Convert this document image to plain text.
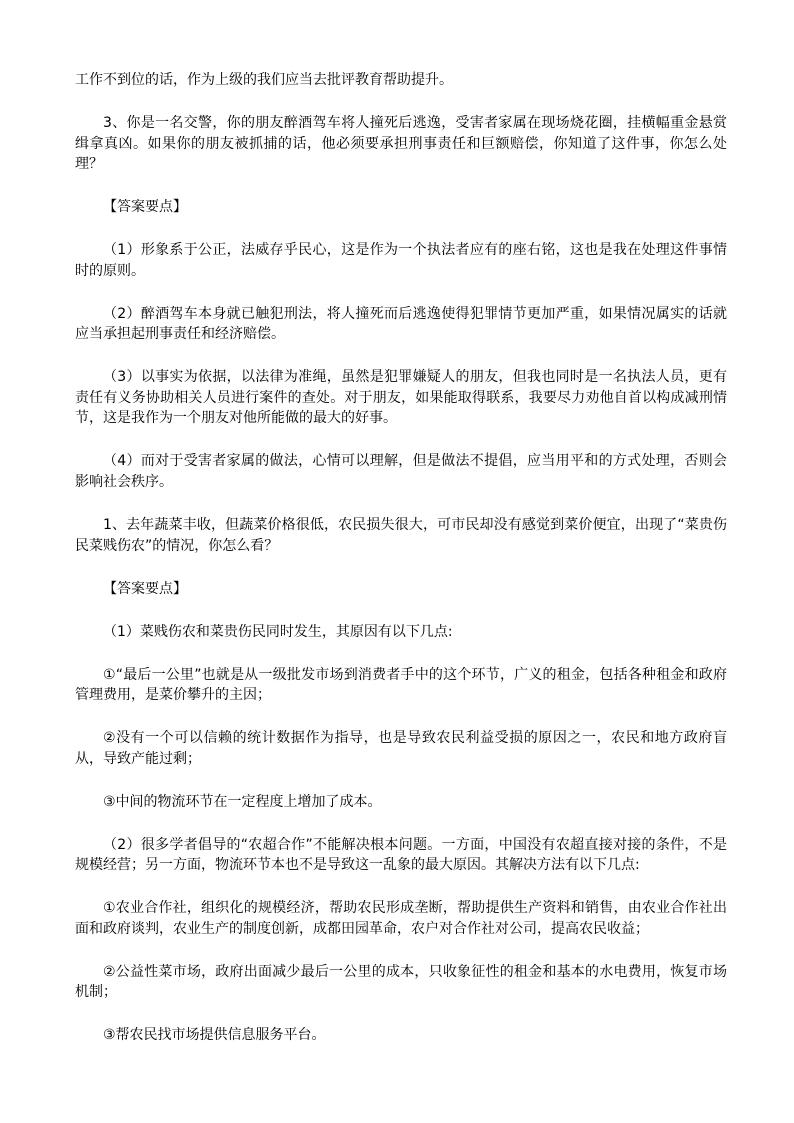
工作不到位的话，作为上级的我们应当去批评教育帮助提升。

3、你是一名交警，你的朋友醉酒驾车将人撞死后逃逸，受害者家属在现场烧花圈，挂横幅重金悬赏缉拿真凶。如果你的朋友被抓捕的话，他必须要承担刑事责任和巨额赔偿，你知道了这件事，你怎么处理？

【答案要点】

（1）形象系于公正，法威存乎民心，这是作为一个执法者应有的座右铭，这也是我在处理这件事情时的原则。

（2）醉酒驾车本身就已触犯刑法，将人撞死而后逃逸使得犯罪情节更加严重，如果情况属实的话就应当承担起刑事责任和经济赔偿。

（3）以事实为依据，以法律为准绳，虽然是犯罪嫌疑人的朋友，但我也同时是一名执法人员，更有责任有义务协助相关人员进行案件的查处。对于朋友，如果能取得联系，我要尽力劝他自首以构成减刑情节，这是我作为一个朋友对他所能做的最大的好事。

（4）而对于受害者家属的做法，心情可以理解，但是做法不提倡，应当用平和的方式处理，否则会影响社会秩序。

1、去年蔬菜丰收，但蔬菜价格很低，农民损失很大，可市民却没有感觉到菜价便宜，出现了“菜贵伤民菜贱伤农”的情况，你怎么看？

【答案要点】

（1）菜贱伤农和菜贵伤民同时发生，其原因有以下几点:

①“最后一公里”也就是从一级批发市场到消费者手中的这个环节，广义的租金，包括各种租金和政府管理费用，是菜价攀升的主因；

②没有一个可以信赖的统计数据作为指导，也是导致农民利益受损的原因之一，农民和地方政府盲从，导致产能过剩；

③中间的物流环节在一定程度上增加了成本。

（2）很多学者倡导的“农超合作”不能解决根本问题。一方面，中国没有农超直接对接的条件，不是规模经营；另一方面，物流环节本也不是导致这一乱象的最大原因。其解决方法有以下几点:

①农业合作社，组织化的规模经济，帮助农民形成垄断，帮助提供生产资料和销售，由农业合作社出面和政府谈判，农业生产的制度创新，成都田园革命，农户对合作社对公司，提高农民收益；

②公益性菜市场，政府出面减少最后一公里的成本，只收象征性的租金和基本的水电费用，恢复市场机制；

③帮农民找市场提供信息服务平台。
